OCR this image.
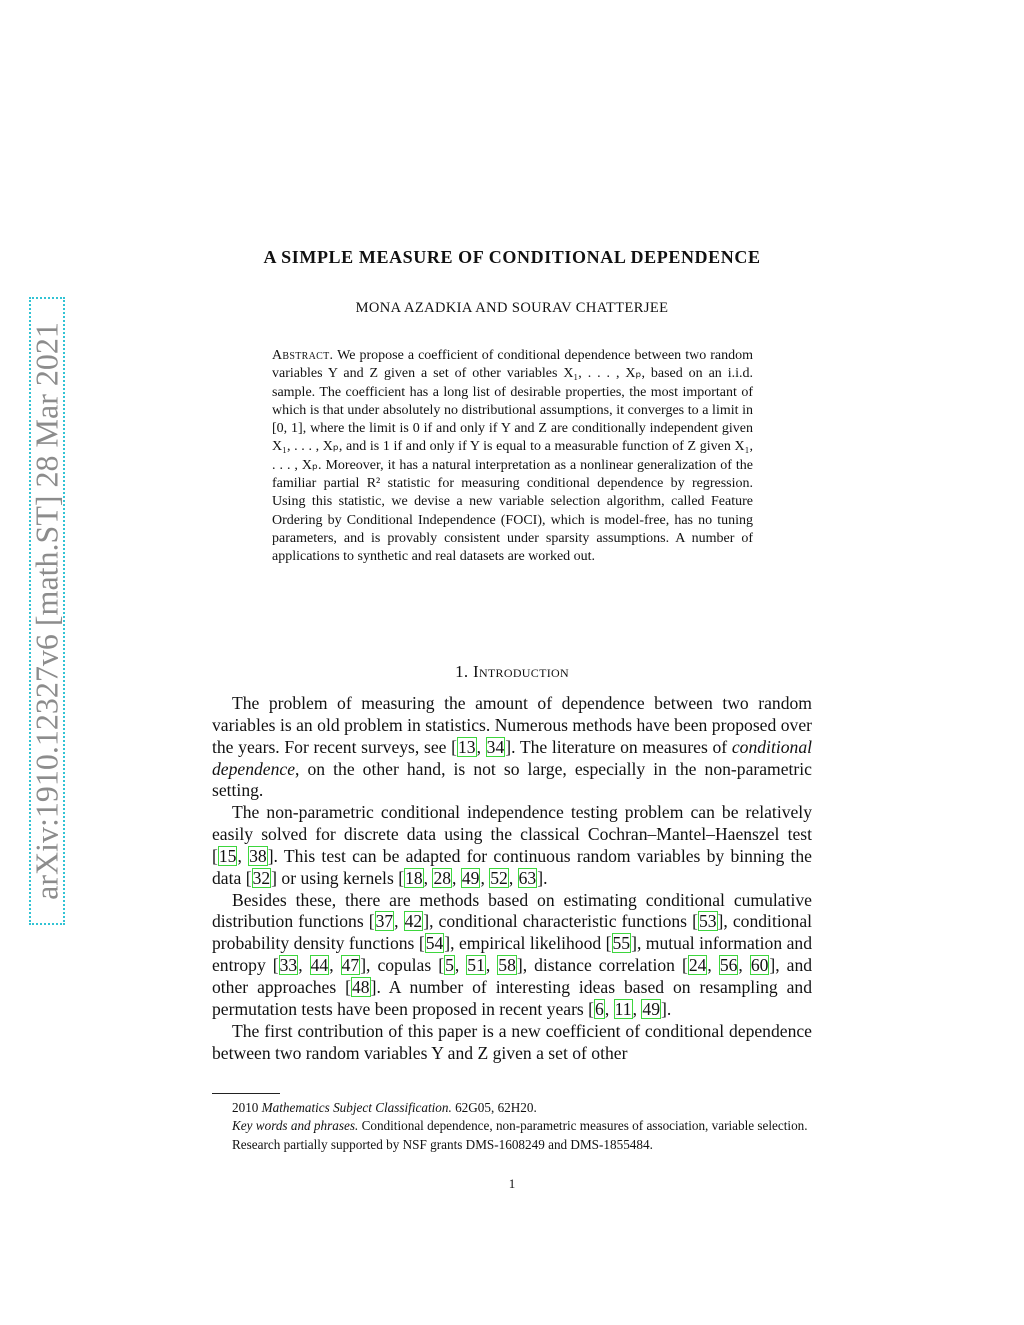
arXiv:1910.12327v6 [math.ST] 28 Mar 2021
A SIMPLE MEASURE OF CONDITIONAL DEPENDENCE
MONA AZADKIA AND SOURAV CHATTERJEE
Abstract. We propose a coefficient of conditional dependence between two random variables Y and Z given a set of other variables X₁, . . . , Xₚ, based on an i.i.d. sample. The coefficient has a long list of desirable properties, the most important of which is that under absolutely no distributional assumptions, it converges to a limit in [0, 1], where the limit is 0 if and only if Y and Z are conditionally independent given X₁, . . . , Xₚ, and is 1 if and only if Y is equal to a measurable function of Z given X₁, . . . , Xₚ. Moreover, it has a natural interpretation as a nonlinear generalization of the familiar partial R² statistic for measuring conditional dependence by regression. Using this statistic, we devise a new variable selection algorithm, called Feature Ordering by Conditional Independence (FOCI), which is model-free, has no tuning parameters, and is provably consistent under sparsity assumptions. A number of applications to synthetic and real datasets are worked out.
1. Introduction

The problem of measuring the amount of dependence between two random variables is an old problem in statistics. Numerous methods have been proposed over the years. For recent surveys, see [13, 34]. The literature on measures of conditional dependence, on the other hand, is not so large, especially in the non-parametric setting.

The non-parametric conditional independence testing problem can be relatively easily solved for discrete data using the classical Cochran–Mantel–Haenszel test [15, 38]. This test can be adapted for continuous random variables by binning the data [32] or using kernels [18, 28, 49, 52, 63].

Besides these, there are methods based on estimating conditional cumulative distribution functions [37, 42], conditional characteristic functions [53], conditional probability density functions [54], empirical likelihood [55], mutual information and entropy [33, 44, 47], copulas [5, 51, 58], distance correlation [24, 56, 60], and other approaches [48]. A number of interesting ideas based on resampling and permutation tests have been proposed in recent years [6, 11, 49].

The first contribution of this paper is a new coefficient of conditional dependence between two random variables Y and Z given a set of other

2010 Mathematics Subject Classification. 62G05, 62H20.

Key words and phrases. Conditional dependence, non-parametric measures of association, variable selection.

Research partially supported by NSF grants DMS-1608249 and DMS-1855484.

1
